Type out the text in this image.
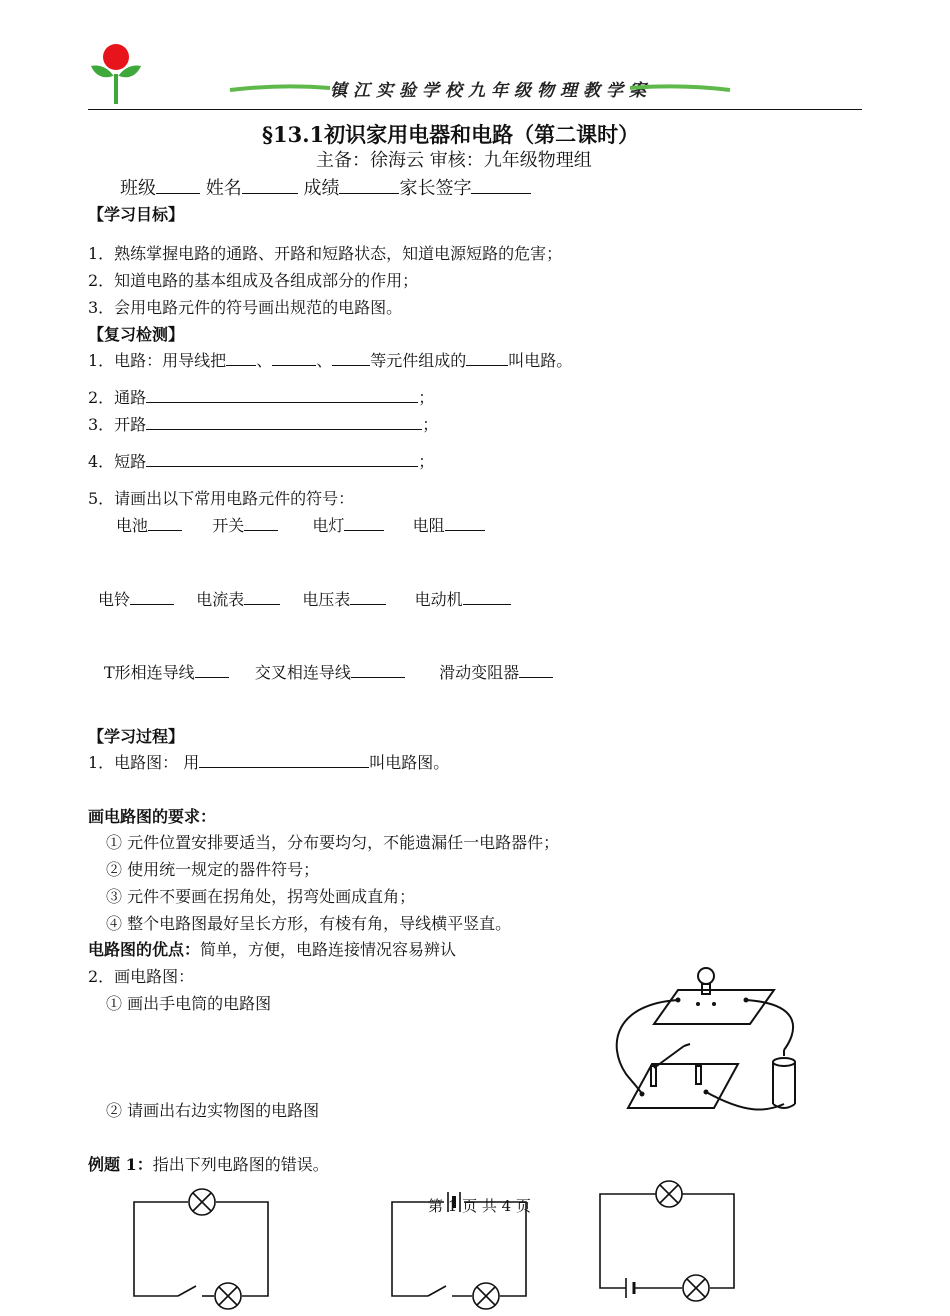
镇江实验学校九年级物理教学案
§13.1初识家用电器和电路（第二课时）
主备：徐海云 审核：九年级物理组
班级	姓名	成绩	家长签字
【学习目标】
1．熟练掌握电路的通路、开路和短路状态，知道电源短路的危害；
2．知道电路的基本组成及各组成部分的作用；
3．会用电路元件的符号画出规范的电路图。
【复习检测】
1．电路：用导线把 、	、 等元件组成的	叫电路。
2．通路	；
3．开路	；
4．短路	；
5．请画出以下常用电路元件的符号：
电池	开关	电灯	电阻
电铃	电流表	电压表	电动机
T形相连导线	交叉相连导线	滑动变阻器
【学习过程】
1．电路图： 用	叫电路图。
画电路图的要求：
① 元件位置安排要适当，分布要均匀，不能遗漏任一电路器件；
② 使用统一规定的器件符号；
③ 元件不要画在拐角处，拐弯处画成直角；
④ 整个电路图最好呈长方形，有棱有角，导线横平竖直。
电路图的优点：简单，方便，电路连接情况容易辨认
2．画电路图：
① 画出手电筒的电路图
② 请画出右边实物图的电路图
例题 1：指出下列电路图的错误。
第 1 页 共 4 页
